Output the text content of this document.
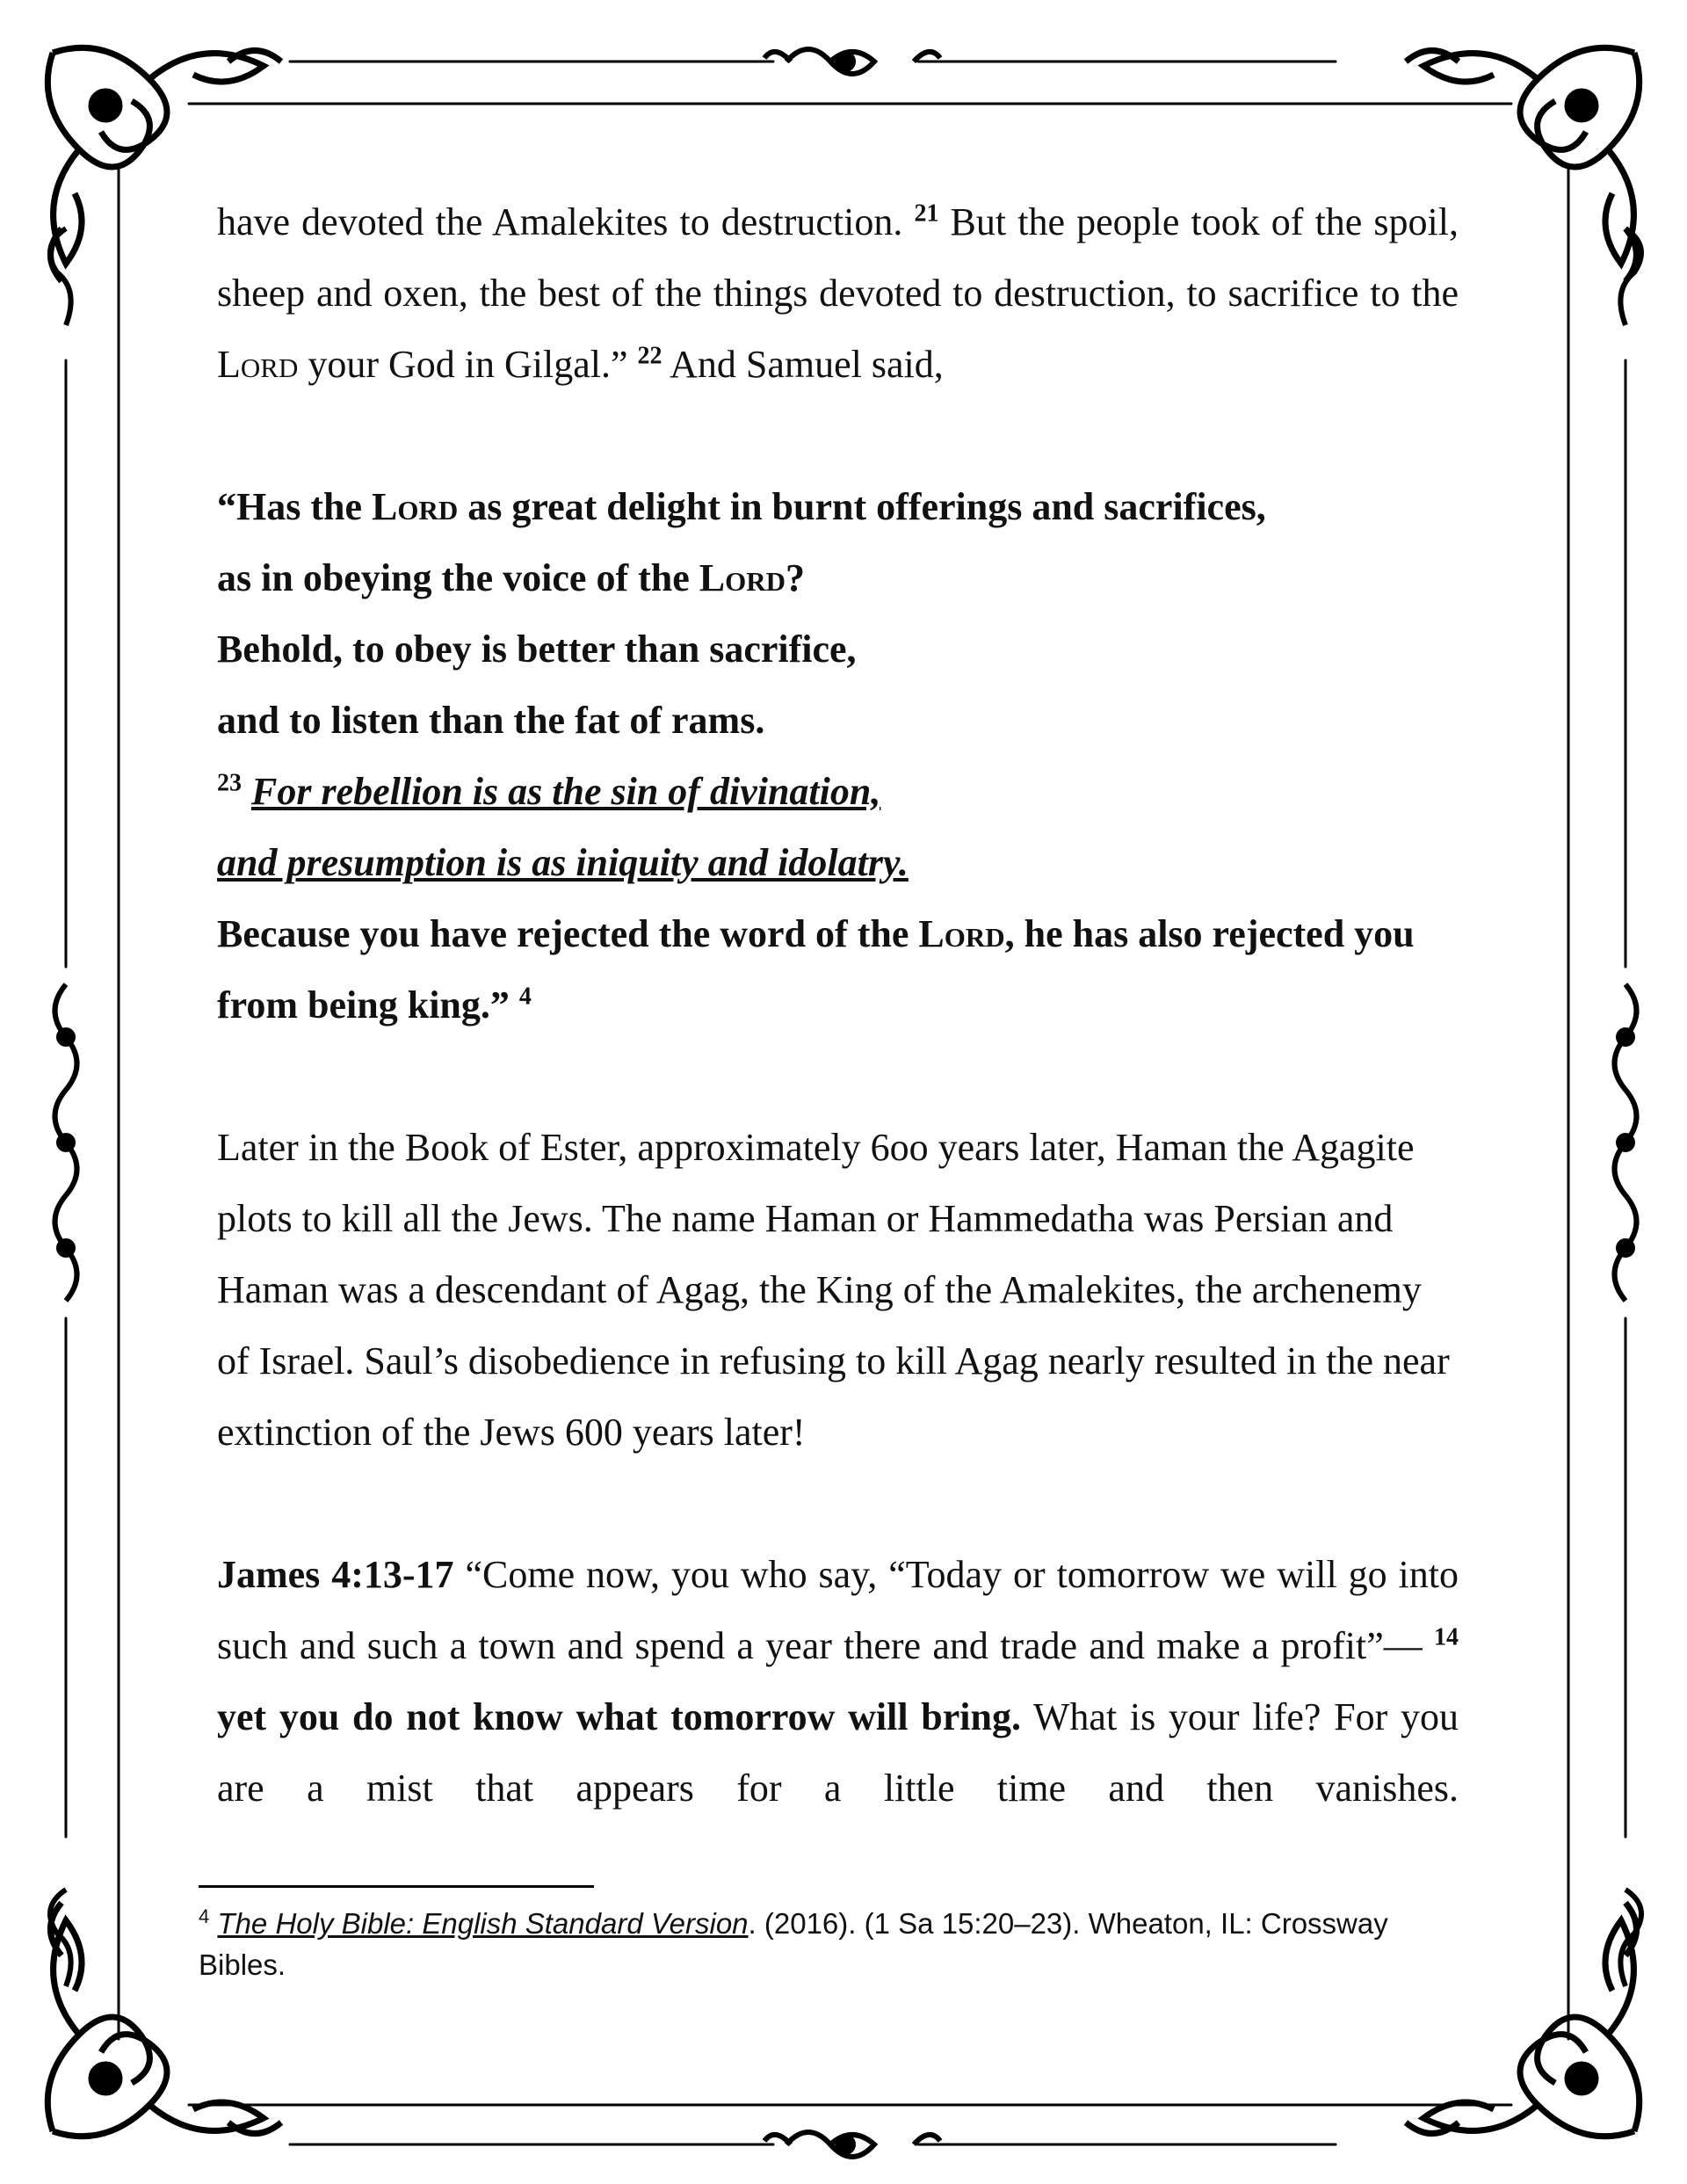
have devoted the Amalekites to destruction. $^{21}$ But the people took of the spoil, sheep and oxen, the best of the things devoted to destruction, to sacrifice to the Lord your God in Gilgal.” $^{22}$ And Samuel said,

“Has the Lord as great delight in burnt offerings and sacrifices,
as in obeying the voice of the Lord?
Behold, to obey is better than sacrifice,
and to listen than the fat of rams.
$^{23}$ For rebellion is as the sin of divination,
and presumption is as iniquity and idolatry.
Because you have rejected the word of the Lord, he has also rejected you from being king.” $^4$

Later in the Book of Ester, approximately 6oo years later, Haman the Agagite plots to kill all the Jews. The name Haman or Hammedatha was Persian and Haman was a descendant of Agag, the King of the Amalekites, the archenemy of Israel. Saul’s disobedience in refusing to kill Agag nearly resulted in the near extinction of the Jews 600 years later!

James 4:13-17 “Come now, you who say, “Today or tomorrow we will go into such and such a town and spend a year there and trade and make a profit”— $^{14}$ yet you do not know what tomorrow will bring. What is your life? For you are a mist that appears for a little time and then vanishes.

$^4$ The Holy Bible: English Standard Version. (2016). (1 Sa 15:20–23). Wheaton, IL: Crossway Bibles.
